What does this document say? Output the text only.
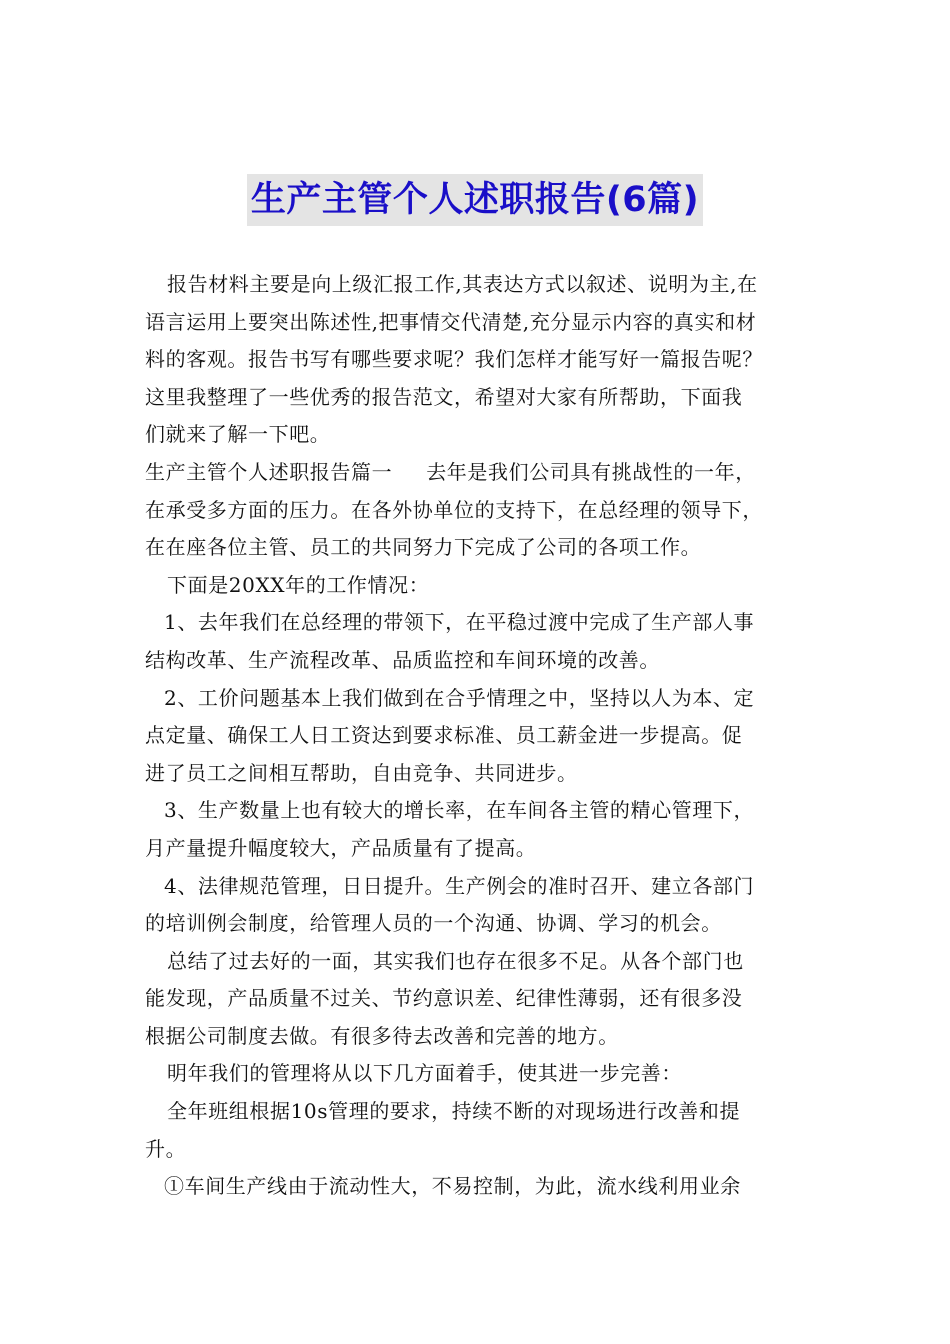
生产主管个人述职报告(6篇)

报告材料主要是向上级汇报工作,其表达方式以叙述、说明为主,在

语言运用上要突出陈述性,把事情交代清楚,充分显示内容的真实和材

料的客观。报告书写有哪些要求呢？我们怎样才能写好一篇报告呢？

这里我整理了一些优秀的报告范文，希望对大家有所帮助，下面我

们就来了解一下吧。

生产主管个人述职报告篇一 去年是我们公司具有挑战性的一年，

在承受多方面的压力。在各外协单位的支持下，在总经理的领导下，

在在座各位主管、员工的共同努力下完成了公司的各项工作。

下面是20XX年的工作情况：

1、去年我们在总经理的带领下，在平稳过渡中完成了生产部人事

结构改革、生产流程改革、品质监控和车间环境的改善。

2、工价问题基本上我们做到在合乎情理之中，坚持以人为本、定

点定量、确保工人日工资达到要求标准、员工薪金进一步提高。促

进了员工之间相互帮助，自由竞争、共同进步。

3、生产数量上也有较大的增长率，在车间各主管的精心管理下，

月产量提升幅度较大，产品质量有了提高。

4、法律规范管理，日日提升。生产例会的准时召开、建立各部门

的培训例会制度，给管理人员的一个沟通、协调、学习的机会。

总结了过去好的一面，其实我们也存在很多不足。从各个部门也

能发现，产品质量不过关、节约意识差、纪律性薄弱，还有很多没

根据公司制度去做。有很多待去改善和完善的地方。

明年我们的管理将从以下几方面着手，使其进一步完善：

全年班组根据10s管理的要求，持续不断的对现场进行改善和提

升。

①车间生产线由于流动性大，不易控制，为此，流水线利用业余
